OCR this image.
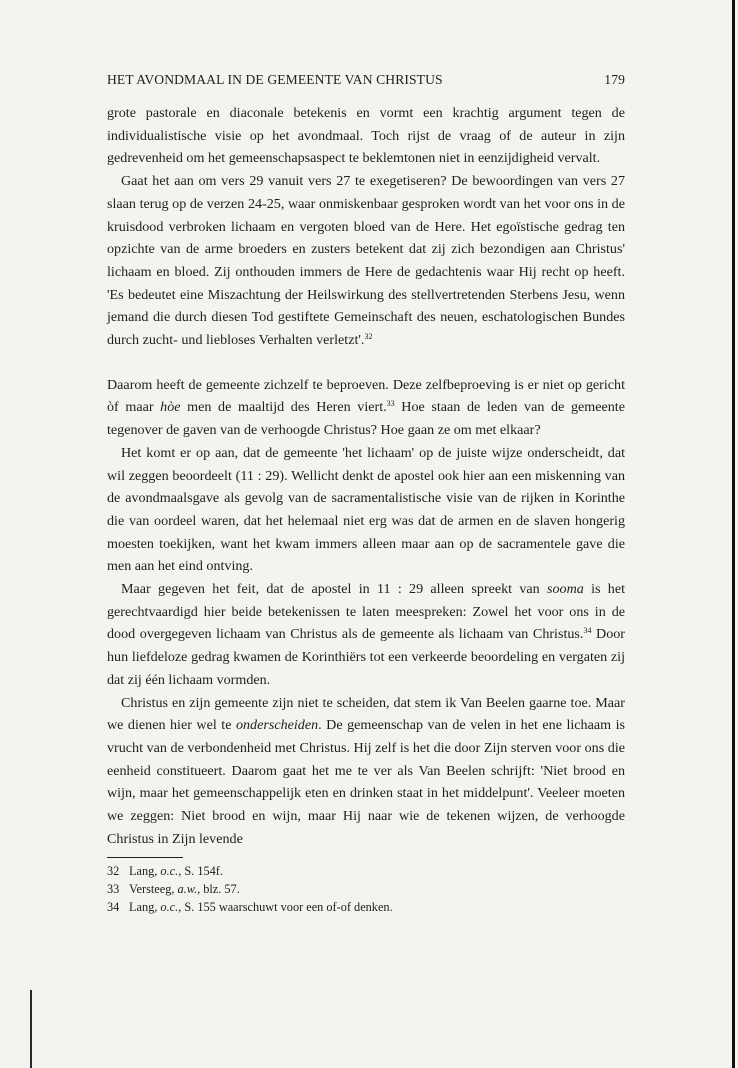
HET AVONDMAAL IN DE GEMEENTE VAN CHRISTUS	179

grote pastorale en diaconale betekenis en vormt een krachtig argument tegen de individualistische visie op het avondmaal. Toch rijst de vraag of de auteur in zijn gedrevenheid om het gemeenschapsaspect te beklemtonen niet in eenzijdigheid vervalt.

Gaat het aan om vers 29 vanuit vers 27 te exegetiseren? De bewoordingen van vers 27 slaan terug op de verzen 24-25, waar onmiskenbaar gesproken wordt van het voor ons in de kruisdood verbroken lichaam en vergoten bloed van de Here. Het egoïstische gedrag ten opzichte van de arme broeders en zusters betekent dat zij zich bezondigen aan Christus' lichaam en bloed. Zij onthouden immers de Here de gedachtenis waar Hij recht op heeft. 'Es bedeutet eine Miszachtung der Heilswirkung des stellvertretenden Sterbens Jesu, wenn jemand die durch diesen Tod gestiftete Gemeinschaft des neuen, eschatologischen Bundes durch zucht- und liebloses Verhalten verletzt'.$^{32}$

Daarom heeft de gemeente zichzelf te beproeven. Deze zelfbeproeving is er niet op gericht òf maar hòe men de maaltijd des Heren viert.$^{33}$ Hoe staan de leden van de gemeente tegenover de gaven van de verhoogde Christus? Hoe gaan ze om met elkaar?

Het komt er op aan, dat de gemeente 'het lichaam' op de juiste wijze onderscheidt, dat wil zeggen beoordeelt (11 : 29). Wellicht denkt de apostel ook hier aan een miskenning van de avondmaalsgave als gevolg van de sacramentalistische visie van de rijken in Korinthe die van oordeel waren, dat het helemaal niet erg was dat de armen en de slaven hongerig moesten toekijken, want het kwam immers alleen maar aan op de sacramentele gave die men aan het eind ontving.

Maar gegeven het feit, dat de apostel in 11 : 29 alleen spreekt van sooma is het gerechtvaardigd hier beide betekenissen te laten meespreken: Zowel het voor ons in de dood overgegeven lichaam van Christus als de gemeente als lichaam van Christus.$^{34}$ Door hun liefdeloze gedrag kwamen de Korinthiërs tot een verkeerde beoordeling en vergaten zij dat zij één lichaam vormden.

Christus en zijn gemeente zijn niet te scheiden, dat stem ik Van Beelen gaarne toe. Maar we dienen hier wel te onderscheiden. De gemeenschap van de velen in het ene lichaam is vrucht van de verbondenheid met Christus. Hij zelf is het die door Zijn sterven voor ons die eenheid constitueert. Daarom gaat het me te ver als Van Beelen schrijft: 'Niet brood en wijn, maar het gemeenschappelijk eten en drinken staat in het middelpunt'. Veeleer moeten we zeggen: Niet brood en wijn, maar Hij naar wie de tekenen wijzen, de verhoogde Christus in Zijn levende

32 Lang, o.c., S. 154f.
33 Versteeg, a.w., blz. 57.
34 Lang, o.c., S. 155 waarschuwt voor een of-of denken.
